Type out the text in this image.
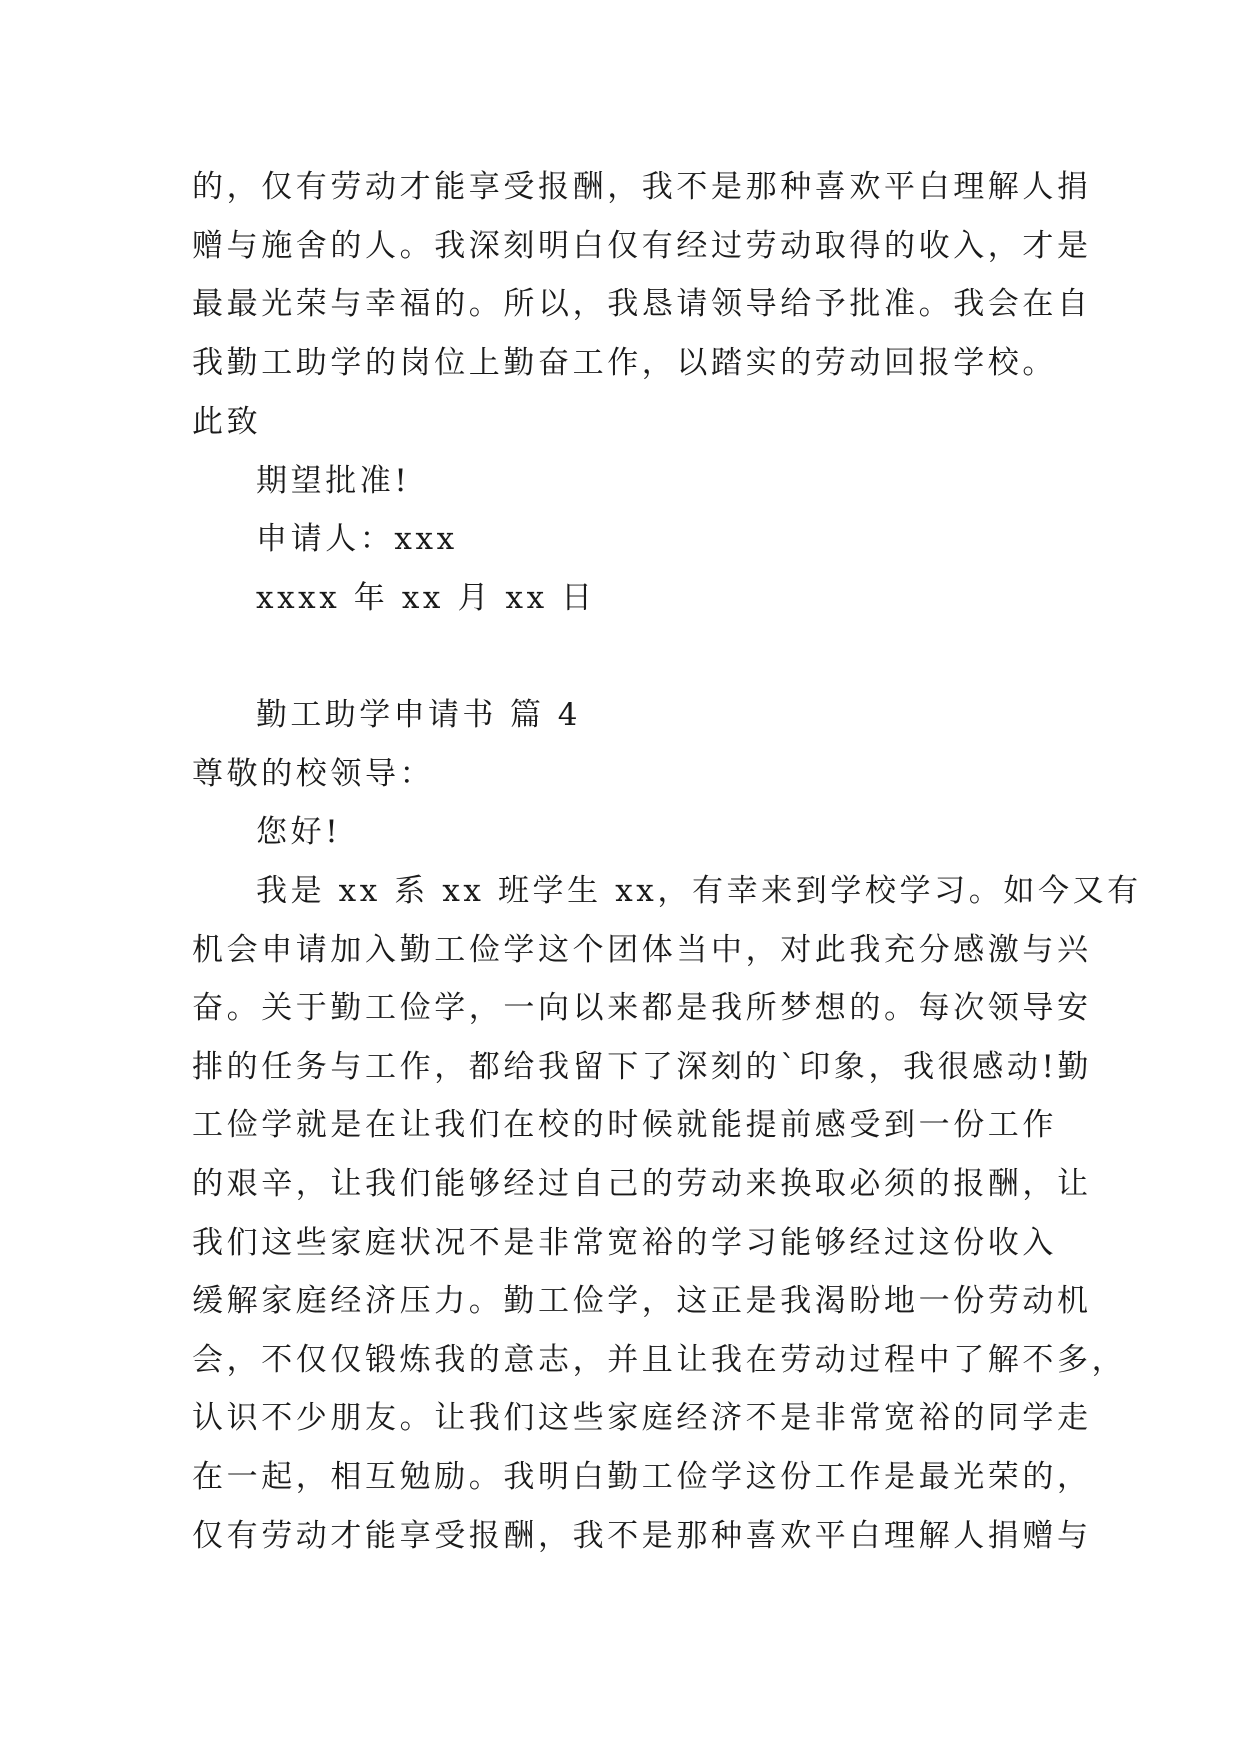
的，仅有劳动才能享受报酬，我不是那种喜欢平白理解人捐
赠与施舍的人。我深刻明白仅有经过劳动取得的收入，才是
最最光荣与幸福的。所以，我恳请领导给予批准。我会在自
我勤工助学的岗位上勤奋工作，以踏实的劳动回报学校。
此致
期望批准!
申请人：xxx
xxxx 年 xx 月 xx 日
勤工助学申请书 篇 4
尊敬的校领导：
您好!
我是 xx 系 xx 班学生 xx，有幸来到学校学习。如今又有
机会申请加入勤工俭学这个团体当中，对此我充分感激与兴
奋。关于勤工俭学，一向以来都是我所梦想的。每次领导安
排的任务与工作，都给我留下了深刻的`印象，我很感动!勤
工俭学就是在让我们在校的时候就能提前感受到一份工作
的艰辛，让我们能够经过自己的劳动来换取必须的报酬，让
我们这些家庭状况不是非常宽裕的学习能够经过这份收入
缓解家庭经济压力。勤工俭学，这正是我渴盼地一份劳动机
会，不仅仅锻炼我的意志，并且让我在劳动过程中了解不多，
认识不少朋友。让我们这些家庭经济不是非常宽裕的同学走
在一起，相互勉励。我明白勤工俭学这份工作是最光荣的，
仅有劳动才能享受报酬，我不是那种喜欢平白理解人捐赠与
